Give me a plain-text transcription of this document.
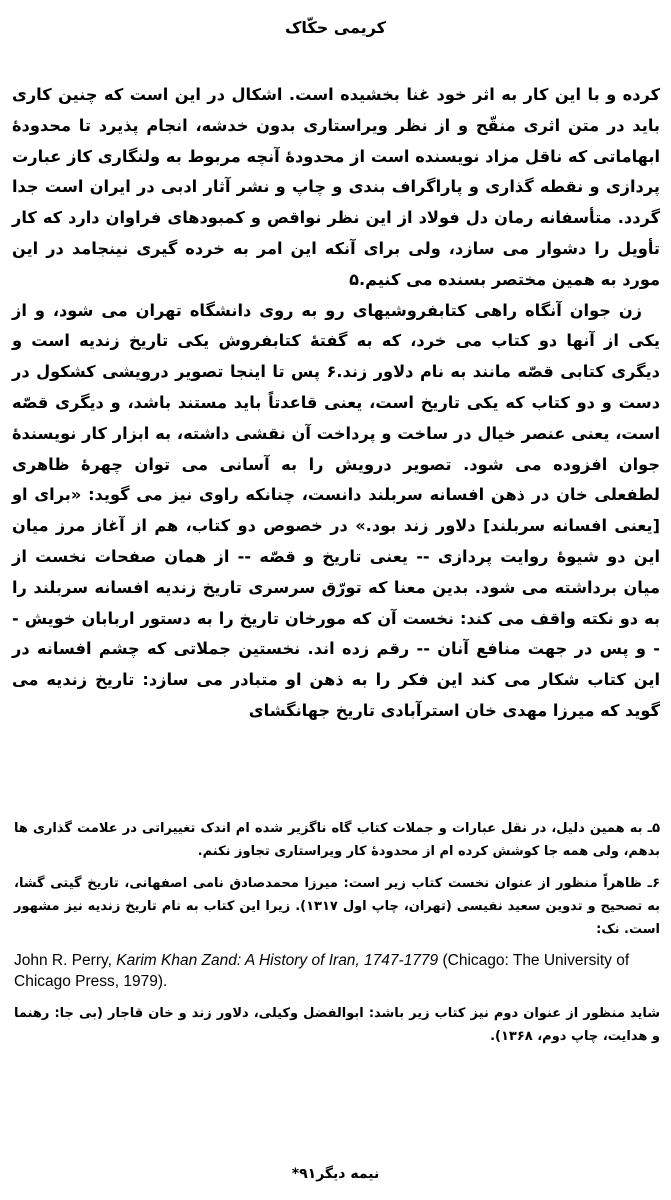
کریمی حکّاک

کرده و با این کار به اثر خود غنا بخشیده است. اشکال در این است که چنین کاری باید در متن اثری منقّح و از نظر ویراستاری بدون خدشه، انجام پذیرد تا محدودهٔ ابهاماتی که ناقل مزاد نویسنده است از محدودهٔ آنچه مربوط به ولنگاری کاز عبارت پردازی و نقطه گذاری و پاراگراف بندی و چاپ و نشر آثار ادبی در ایران است جدا گردد. متأسفانه رمان دل فولاد از این نظر نواقص و کمبودهای فراوان دارد که کار تأویل را دشوار می سازد، ولی برای آنکه این امر به خرده گیری نینجامد در این مورد به همین مختصر بسنده می کنیم.۵

زن جوان آنگاه راهی کتابفروشیهای رو به روی دانشگاه تهران می شود، و از یکی از آنها دو کتاب می خرد، که به گفتهٔ کتابفروش یکی تاریخ زندیه است و دیگری کتابی قصّه مانند به نام دلاور زند.۶ پس تا اینجا تصویر درویشی کشکول در دست و دو کتاب که یکی تاریخ است، یعنی قاعدتاً باید مستند باشد، و دیگری قصّه است، یعنی عنصر خیال در ساخت و پرداخت آن نقشی داشته، به ابزار کار نویسندهٔ جوان افزوده می شود. تصویر درویش را به آسانی می توان چهرهٔ ظاهری لطفعلی خان در ذهن افسانه سربلند دانست، چنانکه راوی نیز می گوید: «برای او [یعنی افسانه سربلند] دلاور زند بود.» در خصوص دو کتاب، هم از آغاز مرز میان این دو شیوهٔ روایت پردازی -- یعنی تاریخ و قصّه -- از همان صفحات نخست از میان برداشته می شود. بدین معنا که تورّق سرسری تاریخ زندیه افسانه سربلند را به دو نکته واقف می کند: نخست آن که مورخان تاریخ را به دستور اربابان خویش -- و پس در جهت منافع آنان -- رقم زده اند. نخستین جملاتی که چشم افسانه در این کتاب شکار می کند این فکر را به ذهن او متبادر می سازد: تاریخ زندیه می گوید که میرزا مهدی خان استرآبادی تاریخ جهانگشای

۵ـ به همین دلیل، در نقل عبارات و جملات کتاب گاه ناگزیر شده ام اندک تغییراتی در علامت گذاری ها بدهم، ولی همه جا کوشش کرده ام از محدودهٔ کار ویراستاری تجاوز نکنم.

۶ـ ظاهراً منظور از عنوان نخست کتاب زیر است: میرزا محمدصادق نامی اصفهانی، تاریخ گیتی گشا، به تصحیح و تدوین سعید نفیسی (تهران، چاپ اول ۱۳۱۷). زیرا این کتاب به نام تاریخ زندیه نیز مشهور است. نک:

John R. Perry, Karim Khan Zand: A History of Iran, 1747-1779 (Chicago: The University of Chicago Press, 1979).

شاید منظور از عنوان دوم نیز کتاب زیر باشد: ابوالفضل وکیلی، دلاور زند و خان قاجار (بی جا: رهنما و هدایت، چاپ دوم، ۱۳۶۸).

نیمه دیگر۹۱*
